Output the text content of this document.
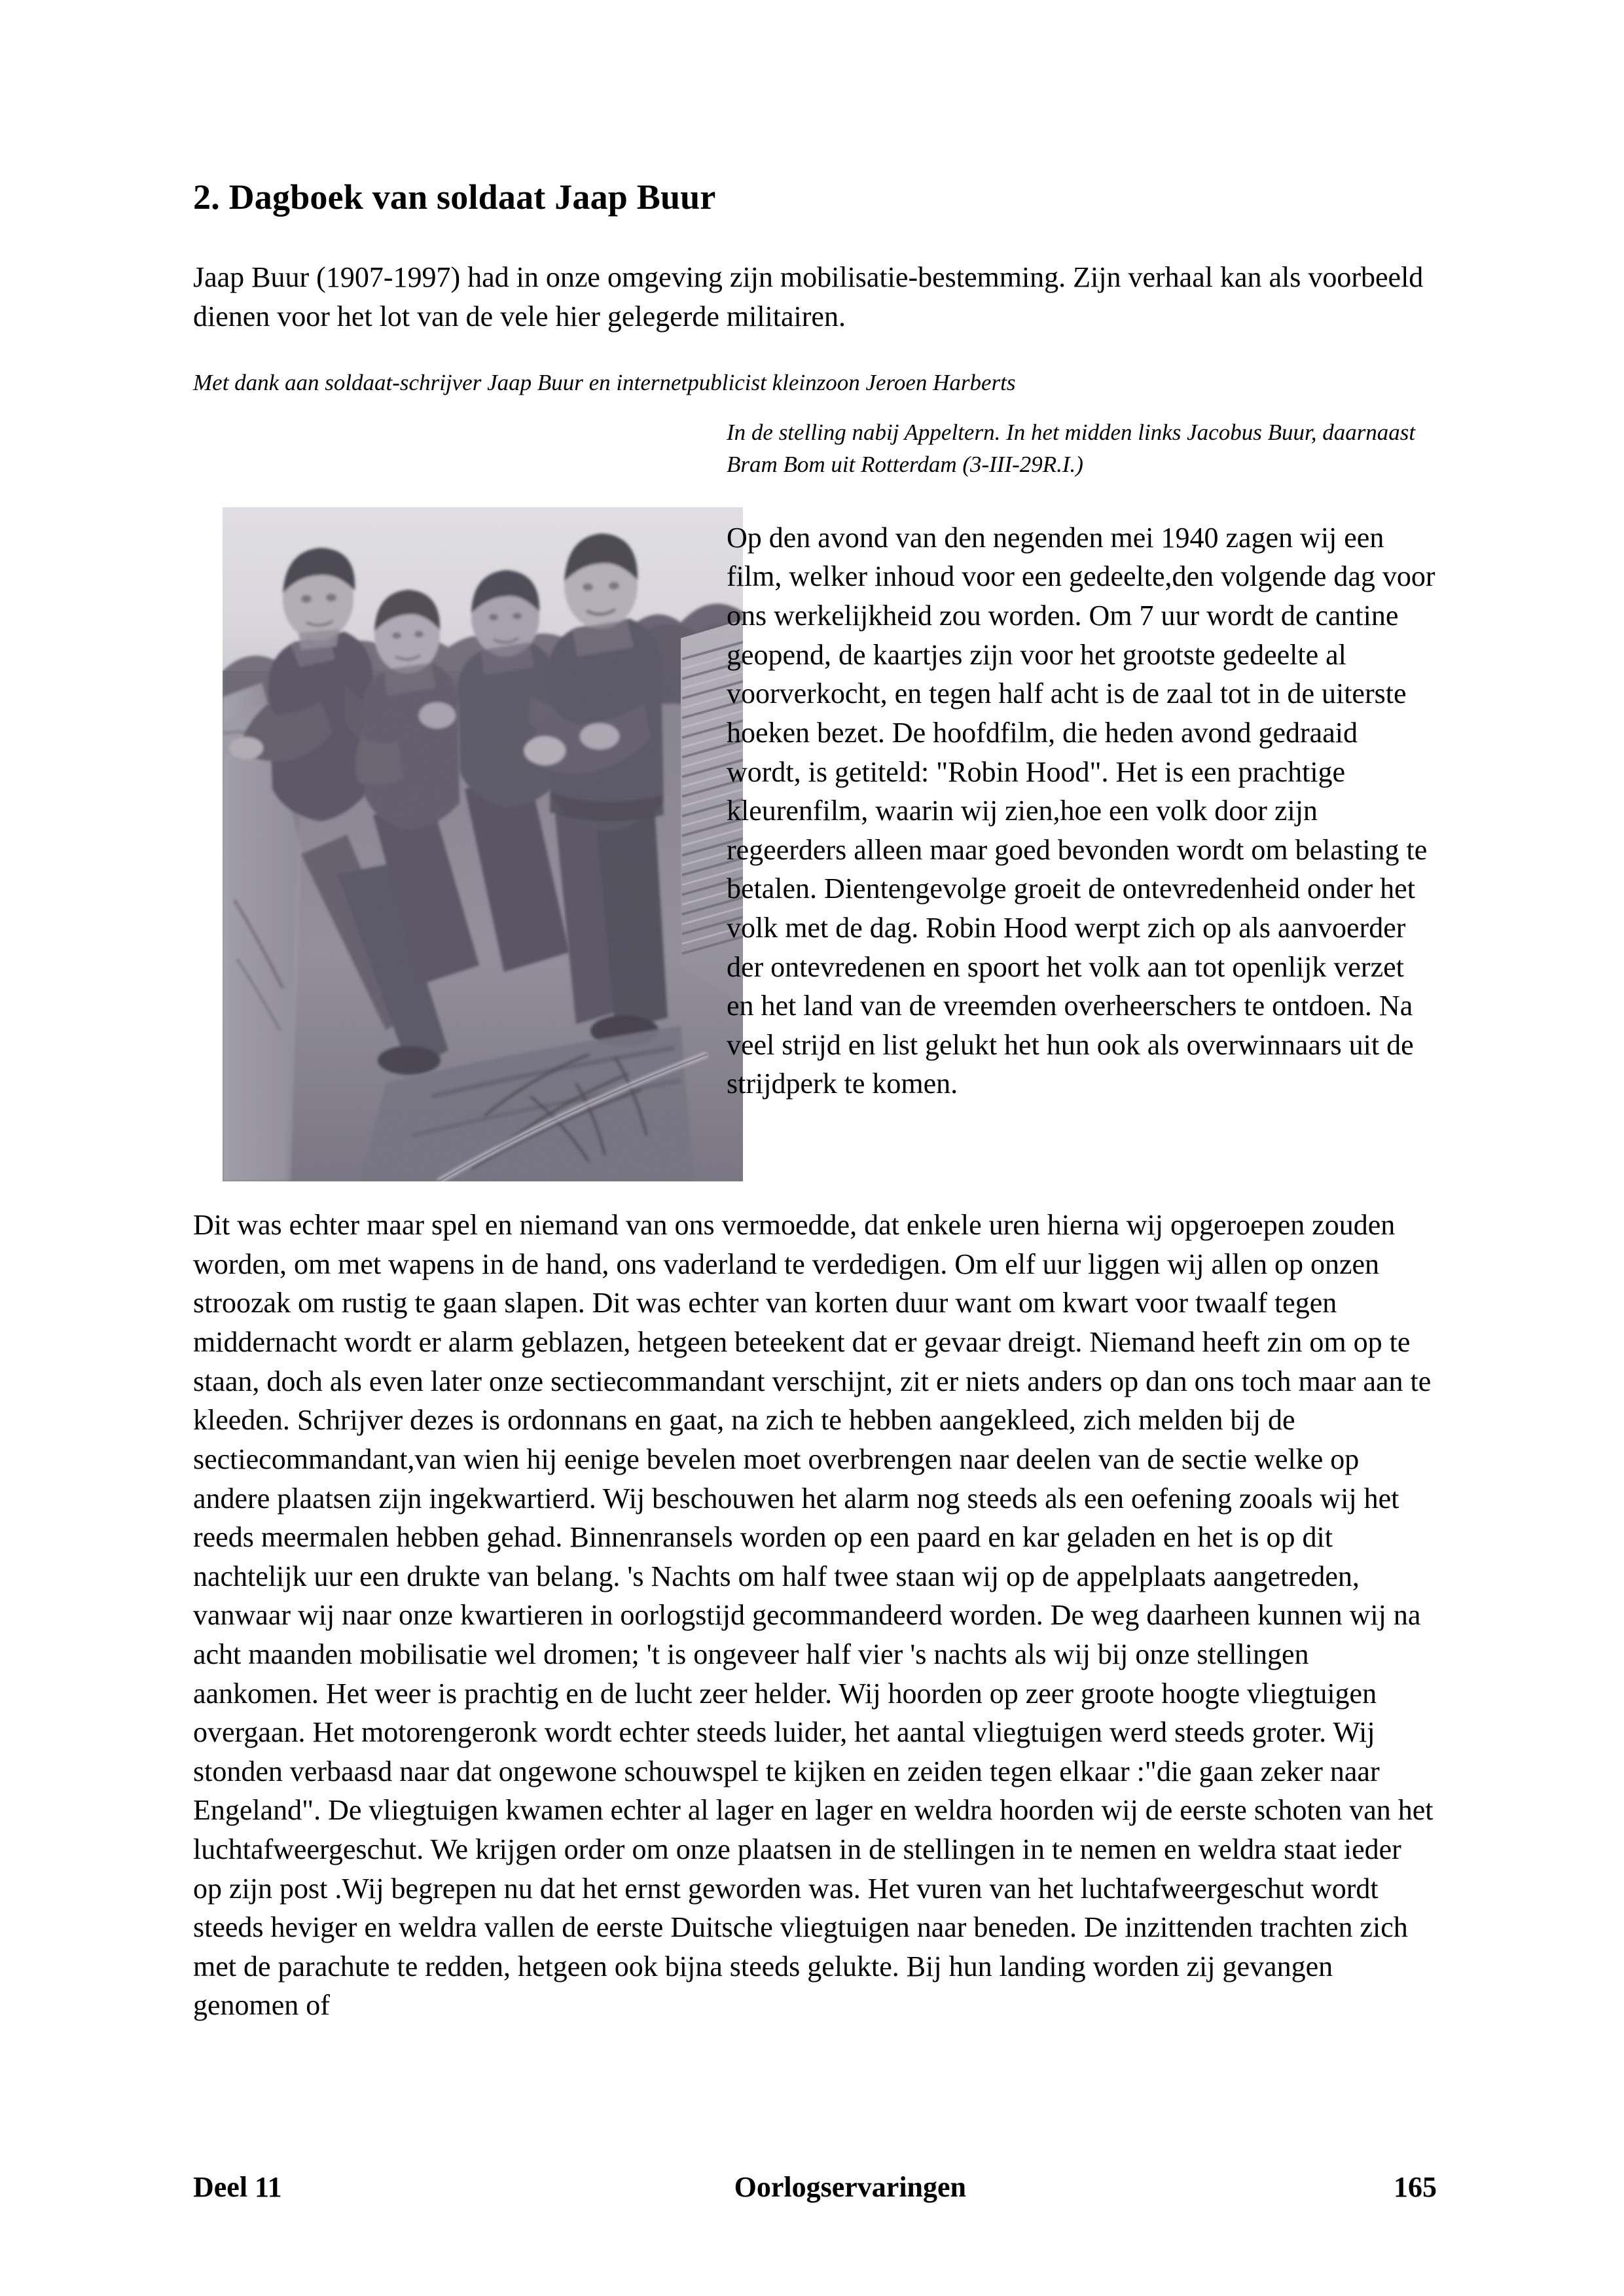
2. Dagboek van soldaat Jaap Buur

Jaap Buur (1907-1997) had in onze omgeving zijn mobilisatie-bestemming. Zijn verhaal kan als voorbeeld dienen voor het lot van de vele hier gelegerde militairen.

Met dank aan soldaat-schrijver Jaap Buur en internetpublicist kleinzoon Jeroen Harberts

In de stelling nabij Appeltern. In het midden links Jacobus Buur, daarnaast Bram Bom uit Rotterdam (3-III-29R.I.)

Op den avond van den negenden mei 1940 zagen wij een film, welker inhoud voor een gedeelte,den volgende dag voor ons werkelijkheid zou worden. Om 7 uur wordt de cantine geopend, de kaartjes zijn voor het grootste gedeelte al voorverkocht, en tegen half acht is de zaal tot in de uiterste hoeken bezet. De hoofdfilm, die heden avond gedraaid wordt, is getiteld: "Robin Hood". Het is een prachtige kleurenfilm, waarin wij zien,hoe een volk door zijn regeerders alleen maar goed bevonden wordt om belasting te betalen. Dientengevolge groeit de ontevredenheid onder het volk met de dag. Robin Hood werpt zich op als aanvoerder der ontevredenen en spoort het volk aan tot openlijk verzet en het land van de vreemden overheerschers te ontdoen. Na veel strijd en list gelukt het hun ook als overwinnaars uit de strijdperk te komen.

Dit was echter maar spel en niemand van ons vermoedde, dat enkele uren hierna wij opgeroepen zouden worden, om met wapens in de hand, ons vaderland te verdedigen. Om elf uur liggen wij allen op onzen stroozak om rustig te gaan slapen. Dit was echter van korten duur want om kwart voor twaalf tegen middernacht wordt er alarm geblazen, hetgeen beteekent dat er gevaar dreigt. Niemand heeft zin om op te staan, doch als even later onze sectiecommandant verschijnt, zit er niets anders op dan ons toch maar aan te kleeden. Schrijver dezes is ordonnans en gaat, na zich te hebben aangekleed, zich melden bij de sectiecommandant,van wien hij eenige bevelen moet overbrengen naar deelen van de sectie welke op andere plaatsen zijn ingekwartierd. Wij beschouwen het alarm nog steeds als een oefening zooals wij het reeds meermalen hebben gehad. Binnenransels worden op een paard en kar geladen en het is op dit nachtelijk uur een drukte van belang. 's Nachts om half twee staan wij op de appelplaats aangetreden, vanwaar wij naar onze kwartieren in oorlogstijd gecommandeerd worden. De weg daarheen kunnen wij na acht maanden mobilisatie wel dromen; 't is ongeveer half vier 's nachts als wij bij onze stellingen aankomen. Het weer is prachtig en de lucht zeer helder. Wij hoorden op zeer groote hoogte vliegtuigen overgaan. Het motorengeronk wordt echter steeds luider, het aantal vliegtuigen werd steeds groter. Wij stonden verbaasd naar dat ongewone schouwspel te kijken en zeiden tegen elkaar :"die gaan zeker naar Engeland". De vliegtuigen kwamen echter al lager en lager en weldra hoorden wij de eerste schoten van het luchtafweergeschut. We krijgen order om onze plaatsen in de stellingen in te nemen en weldra staat ieder op zijn post .Wij begrepen nu dat het ernst geworden was. Het vuren van het luchtafweergeschut wordt steeds heviger en weldra vallen de eerste Duitsche vliegtuigen naar beneden. De inzittenden trachten zich met de parachute te redden, hetgeen ook bijna steeds gelukte. Bij hun landing worden zij gevangen genomen of

Deel 11	Oorlogservaringen	165
